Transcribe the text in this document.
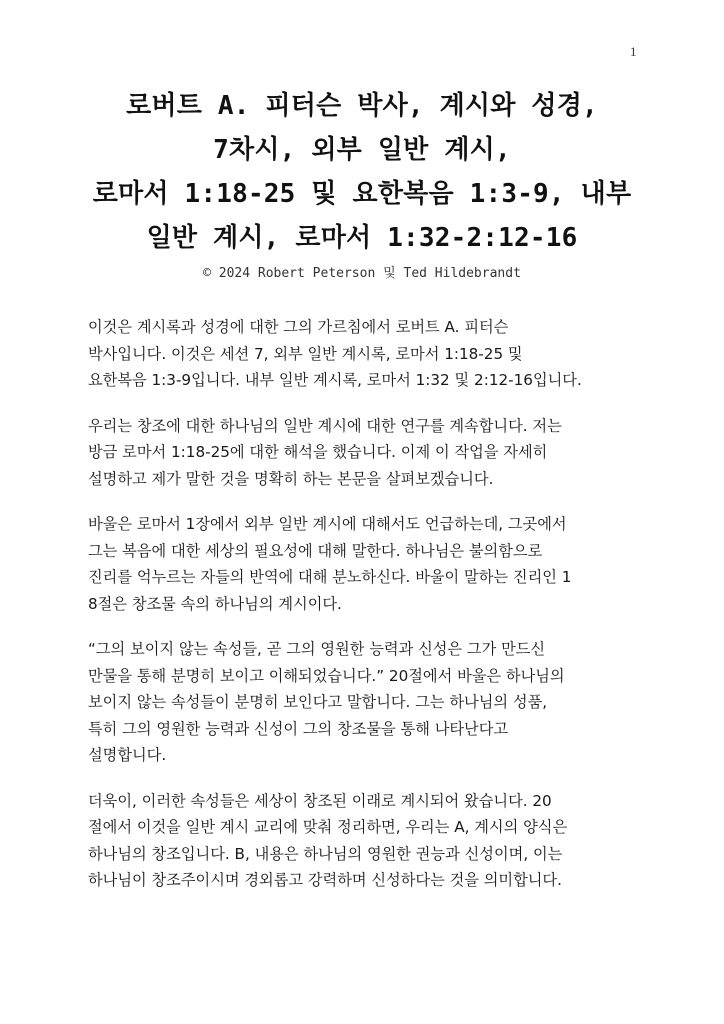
1
로버트 A. 피터슨 박사, 계시와 성경,
7차시, 외부 일반 계시,
로마서 1:18-25 및 요한복음 1:3-9, 내부
일반 계시, 로마서 1:32-2:12-16
© 2024 Robert Peterson 및 Ted Hildebrandt
이것은 계시록과 성경에 대한 그의 가르침에서 로버트 A. 피터슨
박사입니다. 이것은 세션 7, 외부 일반 계시록, 로마서 1:18-25 및
요한복음 1:3-9입니다. 내부 일반 계시록, 로마서 1:32 및 2:12-16입니다.
우리는 창조에 대한 하나님의 일반 계시에 대한 연구를 계속합니다. 저는
방금 로마서 1:18-25에 대한 해석을 했습니다. 이제 이 작업을 자세히
설명하고 제가 말한 것을 명확히 하는 본문을 살펴보겠습니다.
바울은 로마서 1장에서 외부 일반 계시에 대해서도 언급하는데, 그곳에서
그는 복음에 대한 세상의 필요성에 대해 말한다. 하나님은 불의함으로
진리를 억누르는 자들의 반역에 대해 분노하신다. 바울이 말하는 진리인 1
8절은 창조물 속의 하나님의 계시이다.
“그의 보이지 않는 속성들, 곧 그의 영원한 능력과 신성은 그가 만드신
만물을 통해 분명히 보이고 이해되었습니다.” 20절에서 바울은 하나님의
보이지 않는 속성들이 분명히 보인다고 말합니다. 그는 하나님의 성품,
특히 그의 영원한 능력과 신성이 그의 창조물을 통해 나타난다고
설명합니다.
더욱이, 이러한 속성들은 세상이 창조된 이래로 계시되어 왔습니다. 20
절에서 이것을 일반 계시 교리에 맞춰 정리하면, 우리는 A, 계시의 양식은
하나님의 창조입니다. B, 내용은 하나님의 영원한 권능과 신성이며, 이는
하나님이 창조주이시며 경외롭고 강력하며 신성하다는 것을 의미합니다.
